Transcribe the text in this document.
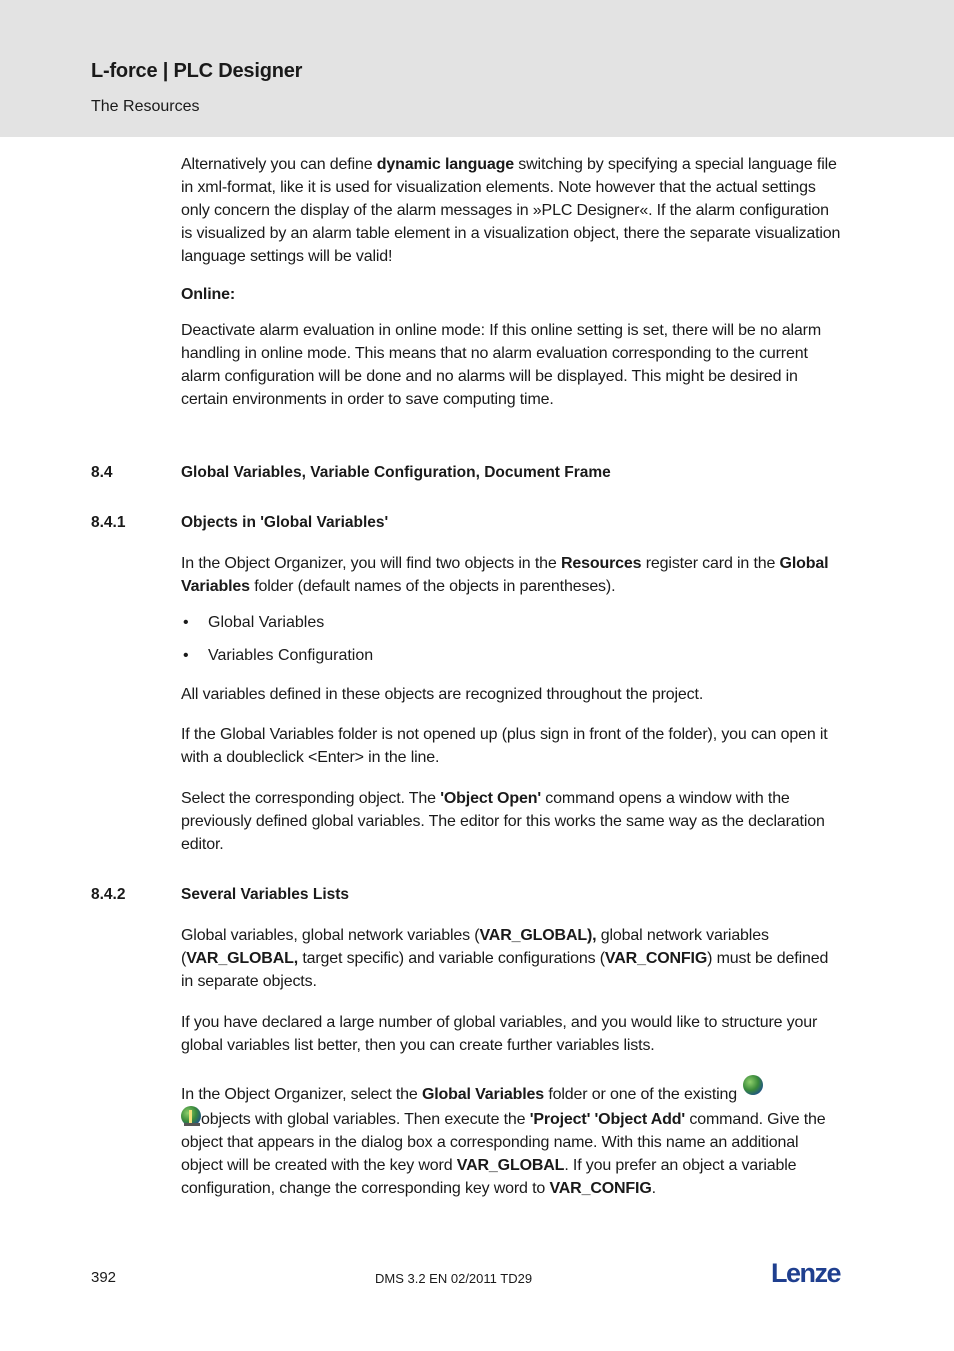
L-force | PLC Designer
The Resources
Alternatively you can define dynamic language switching by specifying a special language file in xml-format, like it is used for visualization elements. Note however that the actual settings only concern the display of the alarm messages in »PLC Designer«. If the alarm configuration is visualized by an alarm table element in a visualization object, there the separate visualization language settings will be valid!
Online:
Deactivate alarm evaluation in online mode: If this online setting is set, there will be no alarm handling in online mode. This means that no alarm evaluation corresponding to the current alarm configuration will be done and no alarms will be displayed. This might be desired in certain environments in order to save computing time.
8.4	Global Variables, Variable Configuration, Document Frame
8.4.1	Objects in 'Global Variables'
In the Object Organizer, you will find two objects in the Resources register card in the Global Variables folder (default names of the objects in parentheses).
• Global Variables
• Variables Configuration
All variables defined in these objects are recognized throughout the project.
If the Global Variables folder is not opened up (plus sign in front of the folder), you can open it with a doubleclick <Enter> in the line.
Select the corresponding object. The 'Object Open' command opens a window with the previously defined global variables. The editor for this works the same way as the declaration editor.
8.4.2	Several Variables Lists
Global variables, global network variables (VAR_GLOBAL), global network variables (VAR_GLOBAL, target specific) and variable configurations (VAR_CONFIG) must be defined in separate objects.
If you have declared a large number of global variables, and you would like to structure your global variables list better, then you can create further variables lists.
In the Object Organizer, select the Global Variables folder or one of the existing

objects with global variables. Then execute the 'Project' 'Object Add' command. Give the object that appears in the dialog box a corresponding name. With this name an additional object will be created with the key word VAR_GLOBAL. If you prefer an object a variable configuration, change the corresponding key word to VAR_CONFIG.
392	DMS 3.2 EN 02/2011 TD29	Lenze
